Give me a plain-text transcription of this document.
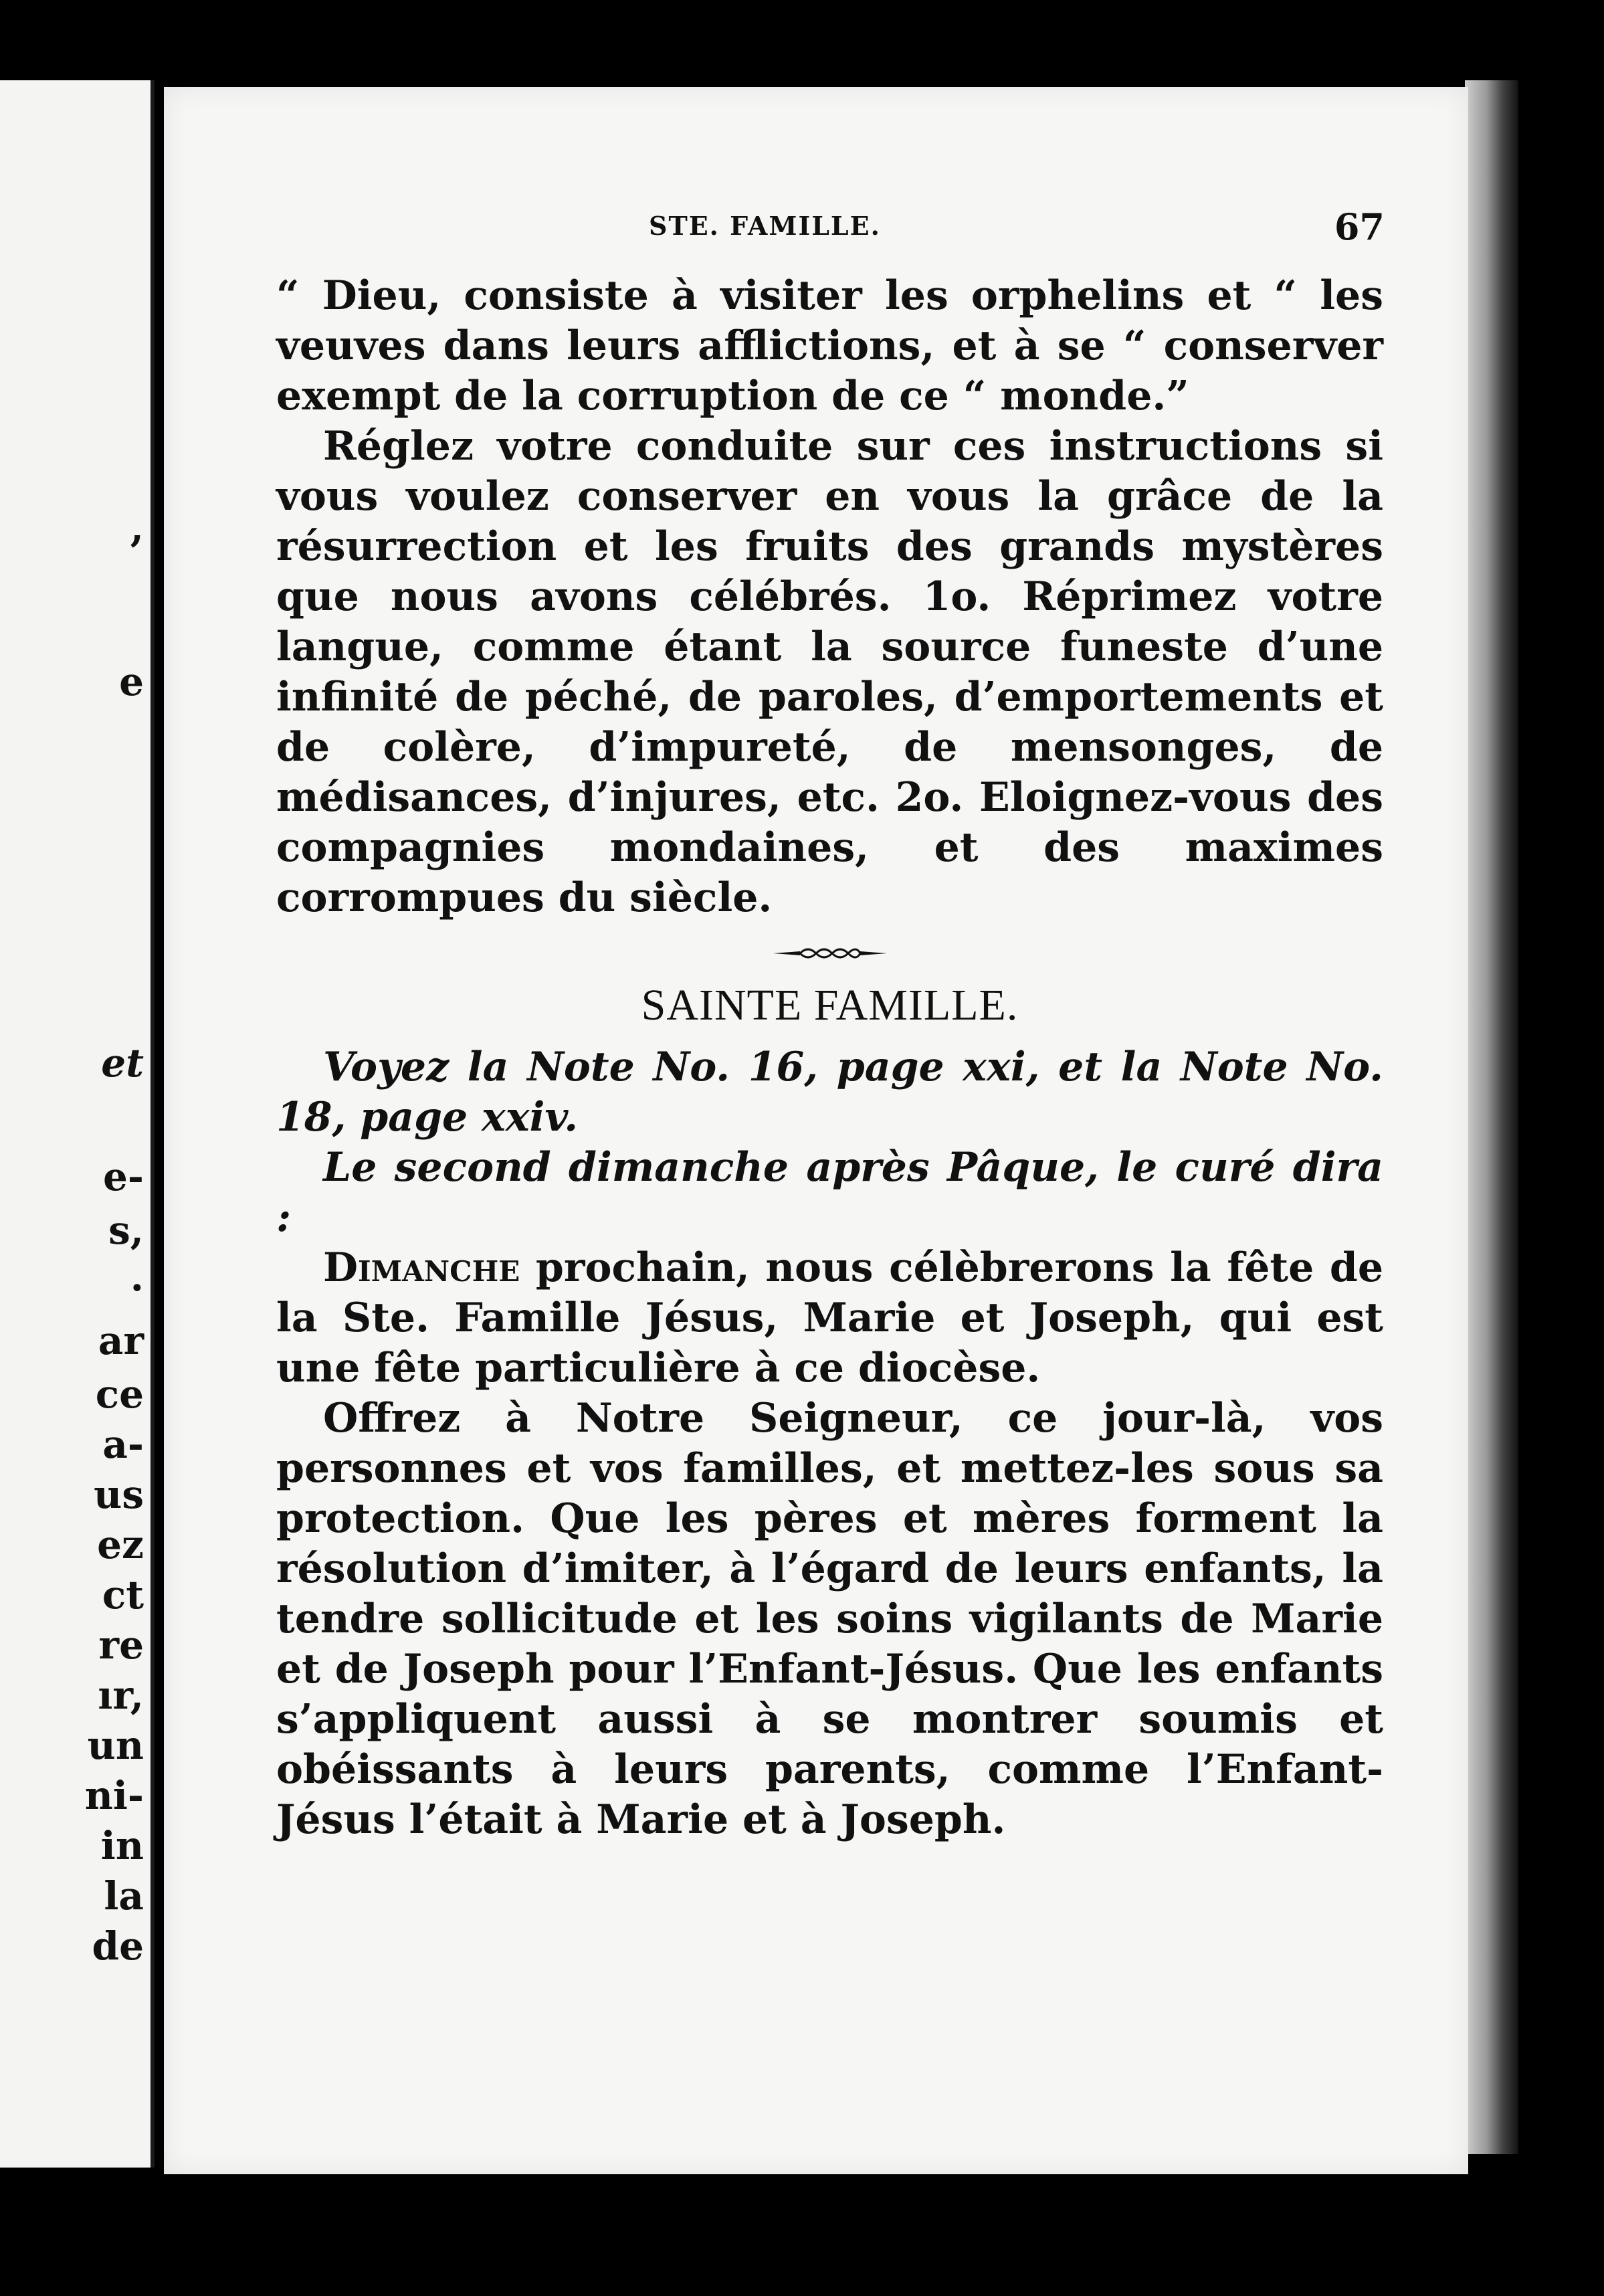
,
e
et
e-
s,
.
ar
ce
a-
us
ez
ct
re
ır,
un
ni-
in
la
de
STE. FAMILLE.	67

“ Dieu, consiste à visiter les orphelins et “ les veuves dans leurs afflictions, et à se “ conserver exempt de la corruption de ce “ monde.”

Réglez votre conduite sur ces instructions si vous voulez conserver en vous la grâce de la résurrection et les fruits des grands mystères que nous avons célébrés. 1o. Réprimez votre langue, comme étant la source funeste d’une infinité de péché, de paroles, d’emportements et de colère, d’impureté, de mensonges, de médisances, d’injures, etc. 2o. Eloignez-vous des compagnies mondaines, et des maximes corrompues du siècle.

SAINTE FAMILLE.

Voyez la Note No. 16, page xxi, et la Note No. 18, page xxiv.

Le second dimanche après Pâque, le curé dira :

Dimanche prochain, nous célèbrerons la fête de la Ste. Famille Jésus, Marie et Joseph, qui est une fête particulière à ce diocèse.

Offrez à Notre Seigneur, ce jour-là, vos personnes et vos familles, et mettez-les sous sa protection. Que les pères et mères forment la résolution d’imiter, à l’égard de leurs enfants, la tendre sollicitude et les soins vigilants de Marie et de Joseph pour l’Enfant-Jésus. Que les enfants s’appliquent aussi à se montrer soumis et obéissants à leurs parents, comme l’Enfant-Jésus l’était à Marie et à Joseph.
